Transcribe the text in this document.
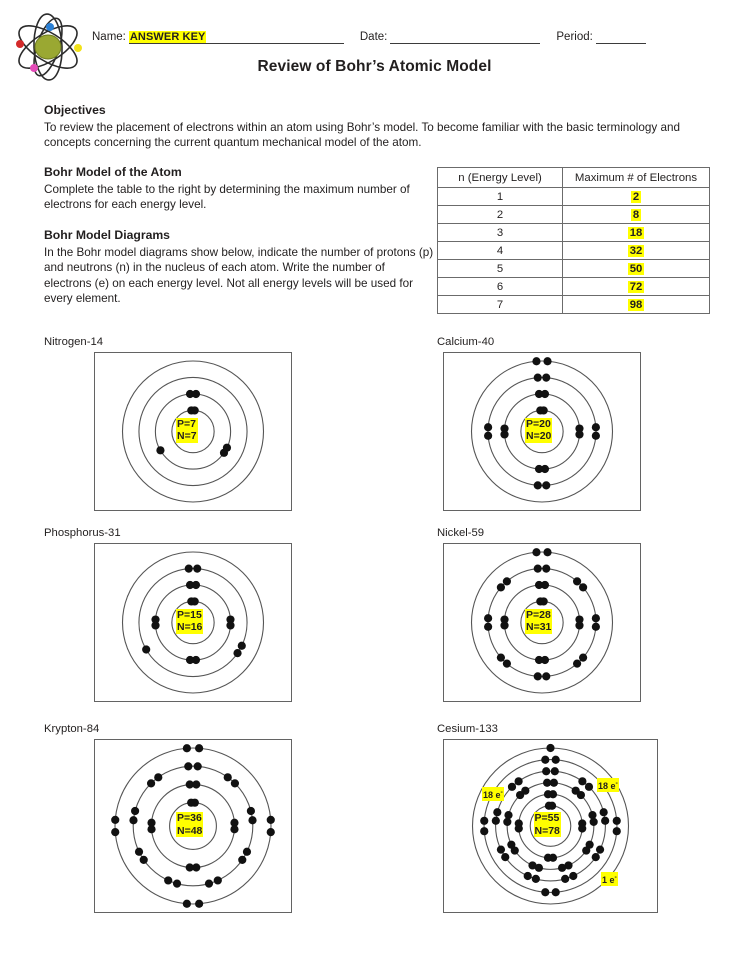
Name: ANSWER KEY	Date:	Period:
Review of Bohr’s Atomic Model

Objectives

To review the placement of electrons within an atom using Bohr’s model. To become familiar with the basic terminology and concepts concerning the current quantum mechanical model of the atom.

Bohr Model of the Atom

Complete the table to the right by determining the maximum number of electrons for each energy level.

Bohr Model Diagrams

In the Bohr model diagrams show below, indicate the number of protons (p) and neutrons (n) in the nucleus of each atom. Write the number of electrons (e) on each energy level. Not all energy levels will be used for every element.

n (Energy Level)	Maximum # of Electrons
1	2
2	8
3	18
4	32
5	50
6	72
7	98
Nitrogen-14
P=7
N=7
Calcium-40
P=20
N=20
Phosphorus-31
P=15
N=16
Nickel-59
P=28
N=31
Krypton-84
P=36
N=48
Cesium-133
P=55
N=78
18 e-
18 e-
1 e-
